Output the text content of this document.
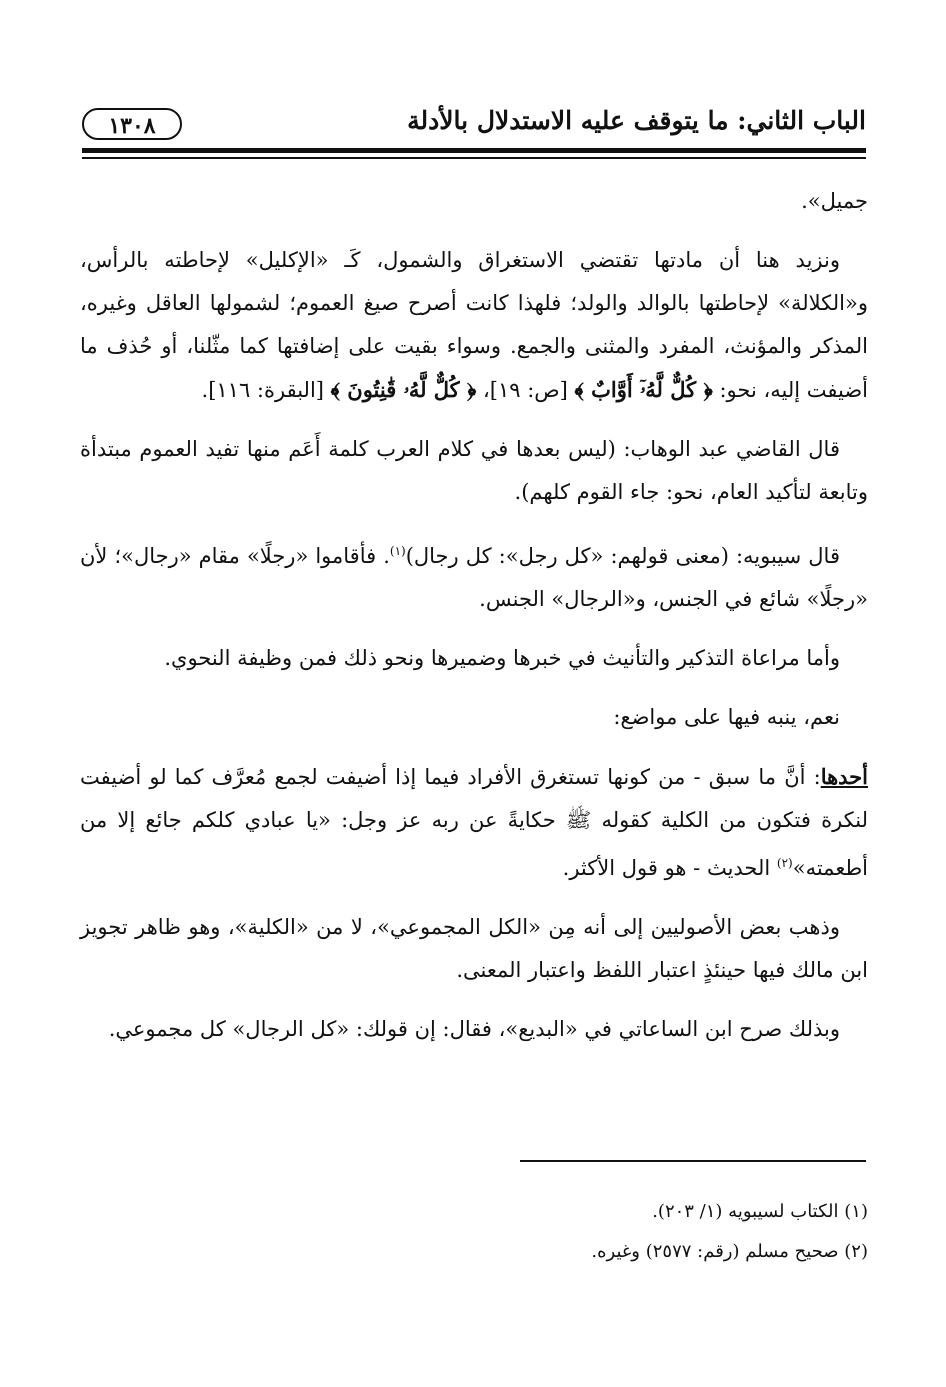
الباب الثاني: ما يتوقف عليه الاستدلال بالأدلة
١٣٠٨

جميل».

ونزيد هنا أن مادتها تقتضي الاستغراق والشمول، كَـ «الإكليل» لإحاطته بالرأس، و«الكلالة» لإحاطتها بالوالد والولد؛ فلهذا كانت أصرح صيغ العموم؛ لشمولها العاقل وغيره، المذكر والمؤنث، المفرد والمثنى والجمع. وسواء بقيت على إضافتها كما مثّلنا، أو حُذف ما أضيفت إليه، نحو: ﴿ كُلٌّ لَّهُۥٓ أَوَّابٌ ﴾ [ص: ١٩]، ﴿ كُلٌّ لَّهُۥ قَٰنِتُونَ ﴾ [البقرة: ١١٦].

قال القاضي عبد الوهاب: (ليس بعدها في كلام العرب كلمة أَعَم منها تفيد العموم مبتدأة وتابعة لتأكيد العام، نحو: جاء القوم كلهم).

قال سيبويه: (معنى قولهم: «كل رجل»: كل رجال)$^{(١)}$. فأقاموا «رجلًا» مقام «رجال»؛ لأن «رجلًا» شائع في الجنس، و«الرجال» الجنس.

وأما مراعاة التذكير والتأنيث في خبرها وضميرها ونحو ذلك فمن وظيفة النحوي.

نعم، ينبه فيها على مواضع:

أحدها: أنَّ ما سبق - من كونها تستغرق الأفراد فيما إذا أضيفت لجمع مُعرَّف كما لو أضيفت لنكرة فتكون من الكلية كقوله ﷺ حكايةً عن ربه عز وجل: «يا عبادي كلكم جائع إلا من أطعمته»$^{(٢)}$ الحديث - هو قول الأكثر.

وذهب بعض الأصوليين إلى أنه مِن «الكل المجموعي»، لا من «الكلية»، وهو ظاهر تجويز ابن مالك فيها حينئذٍ اعتبار اللفظ واعتبار المعنى.

وبذلك صرح ابن الساعاتي في «البديع»، فقال: إن قولك: «كل الرجال» كل مجموعي.

(١) الكتاب لسيبويه (١/ ٢٠٣).

(٢) صحيح مسلم (رقم: ٢٥٧٧) وغيره.
